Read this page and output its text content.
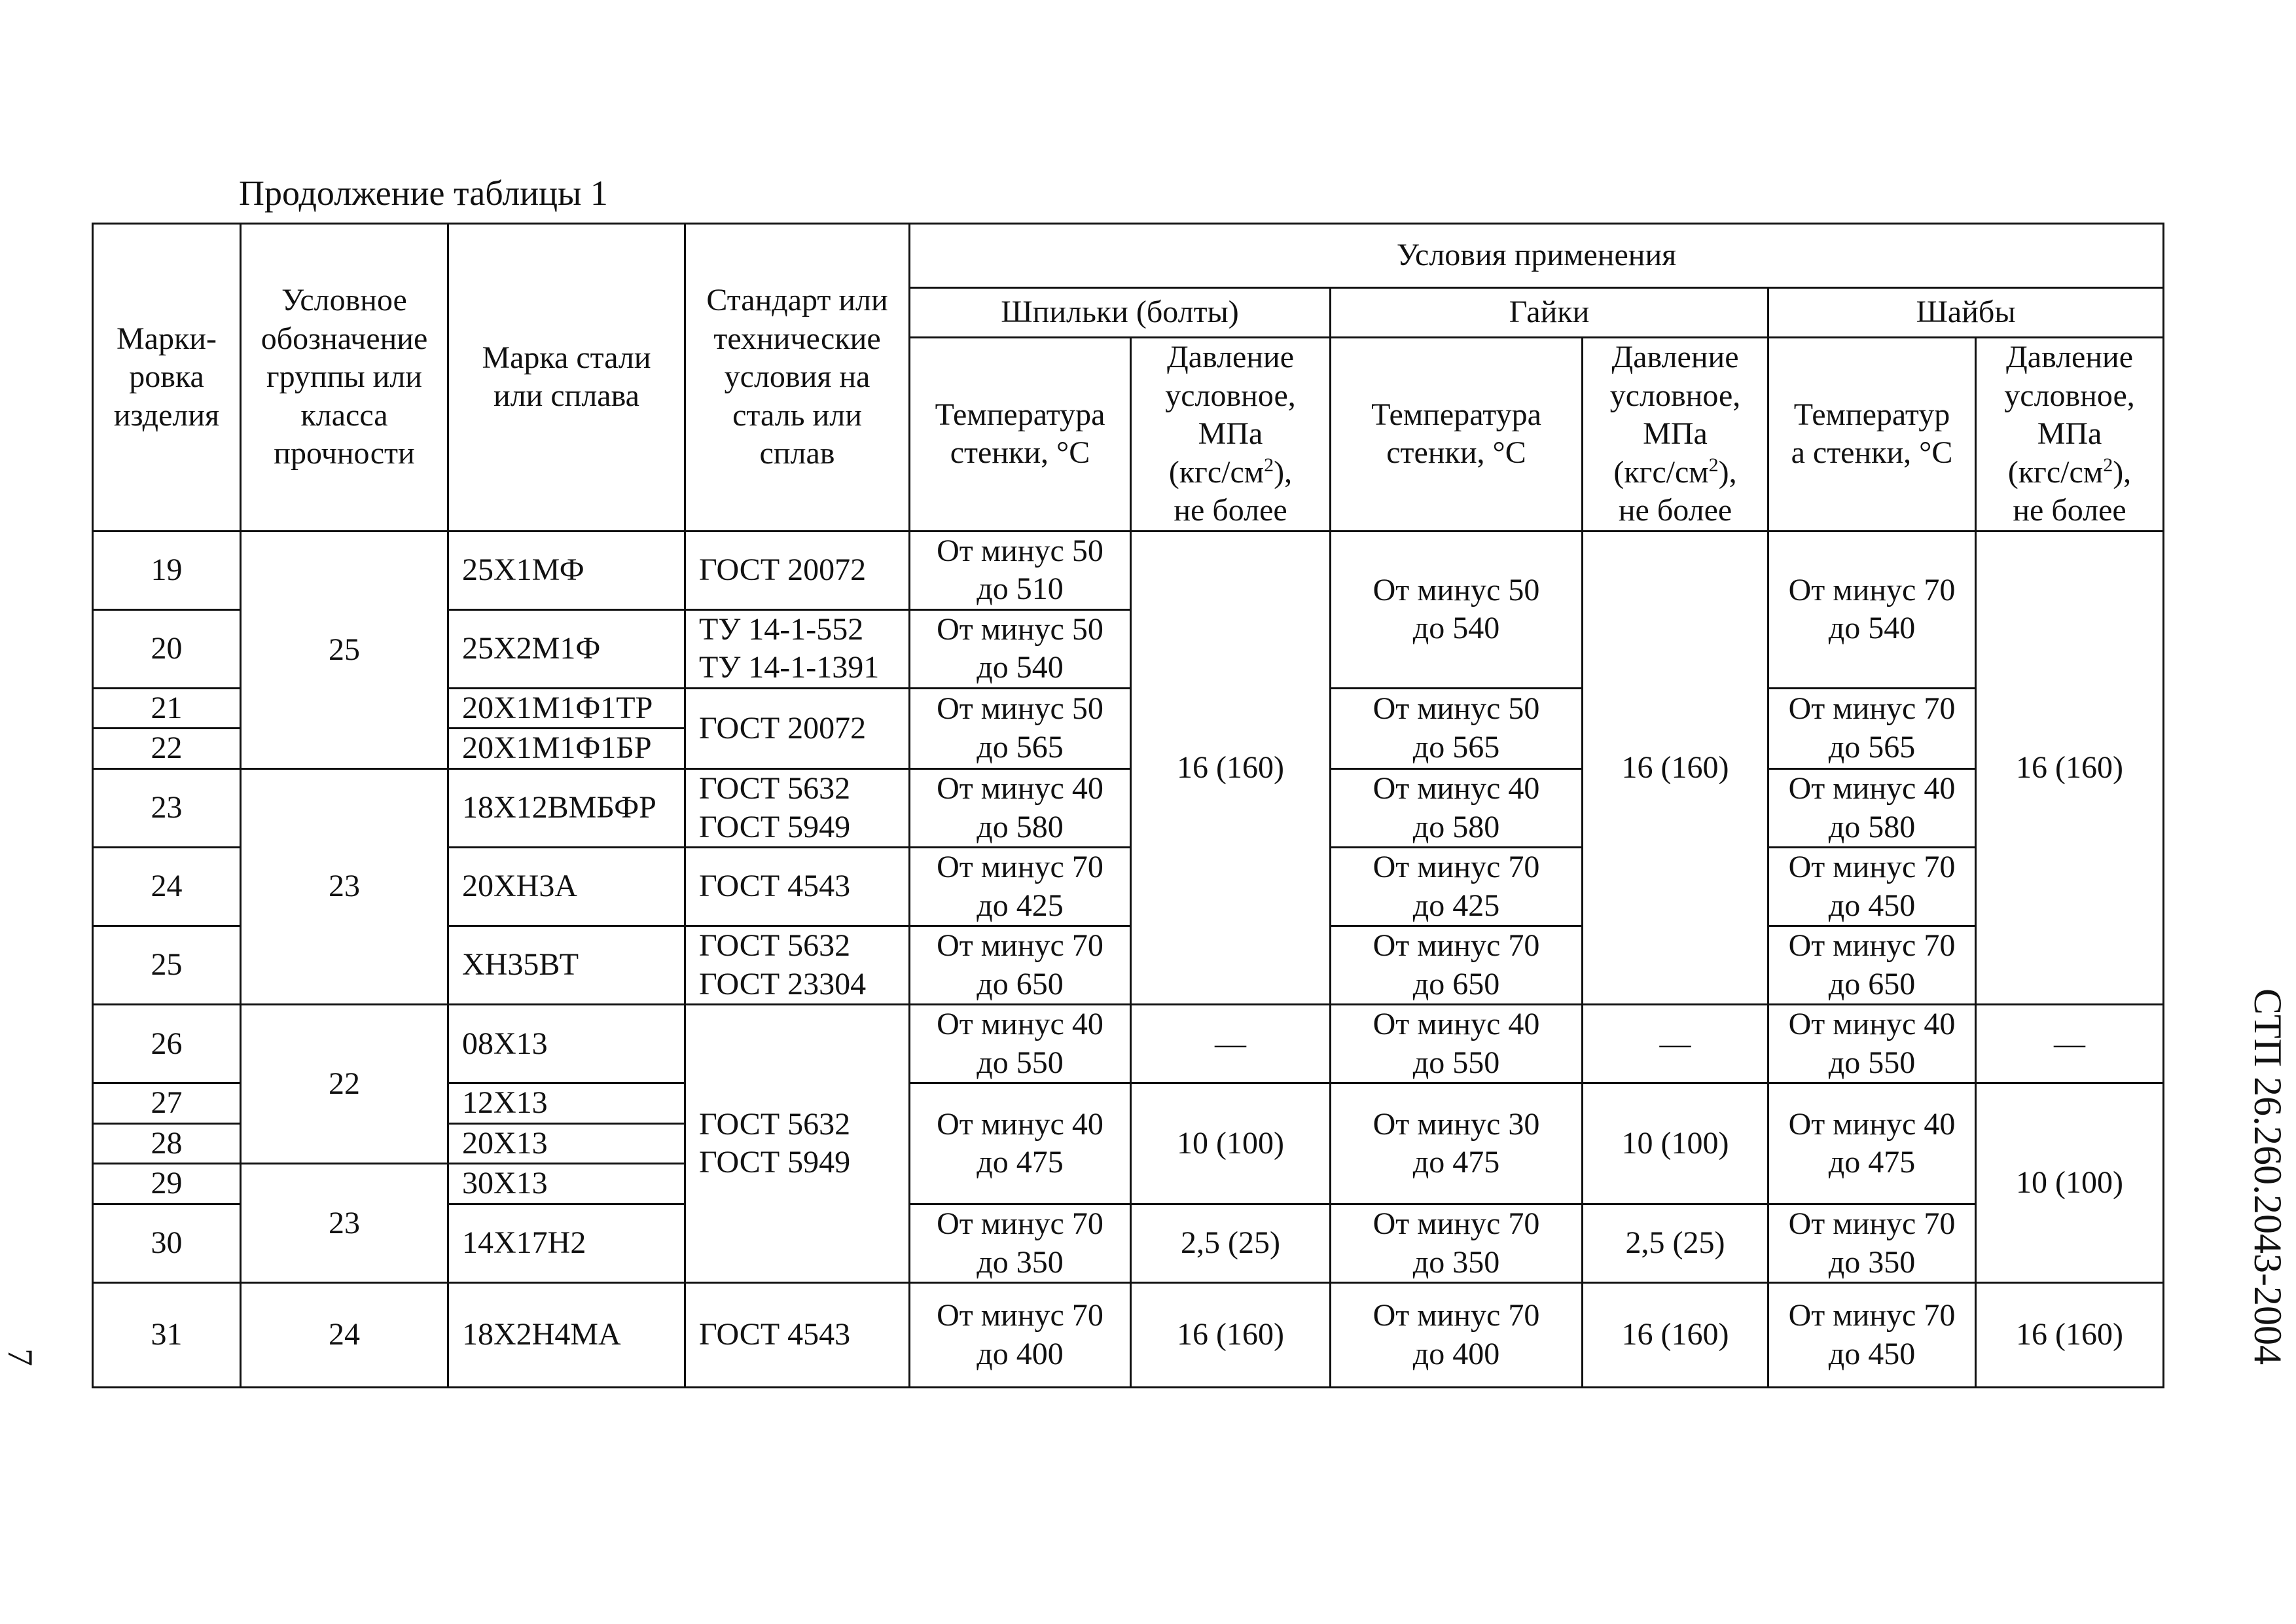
Продолжение таблицы 1
Марки-
ровка
изделия	Условное
обозначение
группы или
класса
прочности	Марка стали
или сплава	Стандарт или
технические
условия на
сталь или
сплав	Условия применения					
				Шпильки (болты)		Гайки		Шайбы	

				Температура
стенки, °С	Давление
условное,
МПа
$(кгс/см^2)$,
не более	Температура
стенки, °С	Давление
условное,
МПа
$(кгс/см^2)$,
не более	Температур
а стенки, °С	Давление
условное,
МПа
$(кгс/см^2)$,
не более

19	25	25Х1МФ	ГОСТ 20072	От минус 50
до 510	16 (160)	От минус 50
до 540	16 (160)	От минус 70
до 540	16 (160)
20		25Х2М1Ф	ТУ 14-1-552
ТУ 14-1-1391	От минус 50
до 540					

21		20Х1М1Ф1ТР	ГОСТ 20072	От минус 50
до 565		От минус 50
до 565		От минус 70
до 565	

22		20Х1М1Ф1БР							
23	23	18Х12ВМБФР	ГОСТ 5632
ГОСТ 5949	От минус 40
до 580		От минус 40
до 580		От минус 40
до 580	

24		20ХН3А	ГОСТ 4543	От минус 70
до 425		От минус 70
до 425		От минус 70
до 450	

25		ХН35ВТ	ГОСТ 5632
ГОСТ 23304	От минус 70
до 650		От минус 70
до 650		От минус 70
до 650	

26	22	08Х13	ГОСТ 5632
ГОСТ 5949	От минус 40
до 550	—	От минус 40
до 550	—	От минус 40
до 550	—
27		12Х13		От минус 40
до 475	10 (100)	От минус 30
до 475	10 (100)	От минус 40
до 475	10 (100)
28		20Х13							
29	23	30Х13							
30		14Х17Н2		От минус 70
до 350	2,5 (25)	От минус 70
до 350	2,5 (25)	От минус 70
до 350	

31	24	18Х2Н4МА	ГОСТ 4543	От минус 70
до 400	16 (160)	От минус 70
до 400	16 (160)	От минус 70
до 450	16 (160)	СТП 26.260.2043-2004
7
